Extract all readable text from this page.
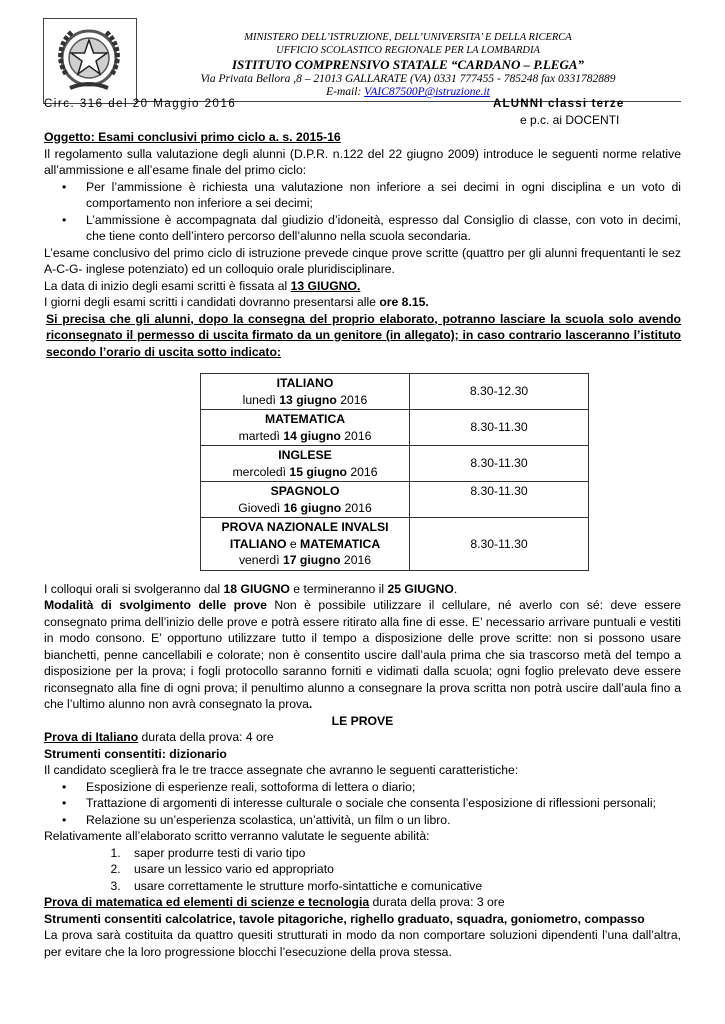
MINISTERO DELL’ISTRUZIONE, DELL’UNIVERSITA’ E DELLA RICERCA
UFFICIO SCOLASTICO REGIONALE PER LA LOMBARDIA
ISTITUTO COMPRENSIVO STATALE “CARDANO – P.LEGA”
Via Privata Bellora ,8 – 21013 GALLARATE (VA) 0331 777455 - 785248 fax 0331782889
E-mail: VAIC87500P@istruzione.it
Circ. 316 del 20 Maggio 2016	ALUNNI classi terze
e p.c. ai DOCENTI

Oggetto: Esami conclusivi primo ciclo a. s. 2015-16

Il regolamento sulla valutazione degli alunni (D.P.R. n.122 del 22 giugno 2009) introduce le seguenti norme relative all’ammissione e all’esame finale del primo ciclo:

• Per l’ammissione è richiesta una valutazione non inferiore a sei decimi in ogni disciplina e un voto di comportamento non inferiore a sei decimi;
• L’ammissione è accompagnata dal giudizio d’idoneità, espresso dal Consiglio di classe, con voto in decimi, che tiene conto dell’intero percorso dell’alunno nella scuola secondaria.

L’esame conclusivo del primo ciclo di istruzione prevede cinque prove scritte (quattro per gli alunni frequentanti le sez A-C-G- inglese potenziato) ed un colloquio orale pluridisciplinare.

La data di inizio degli esami scritti è fissata al 13 GIUGNO.

I giorni degli esami scritti i candidati dovranno presentarsi alle ore 8.15.

Si precisa che gli alunni, dopo la consegna del proprio elaborato, potranno lasciare la scuola solo avendo riconsegnato il permesso di uscita firmato da un genitore (in allegato); in caso contrario lasceranno l’istituto secondo l’orario di uscita sotto indicato:

ITALIANO
lunedì 13 giugno 2016	8.30-12.30

MATEMATICA
martedì 14 giugno 2016	8.30-11.30

INGLESE
mercoledì 15 giugno 2016	8.30-11.30

SPAGNOLO
Giovedì 16 giugno 2016	8.30-11.30

PROVA NAZIONALE INVALSI
ITALIANO e MATEMATICA
venerdì 17 giugno 2016	8.30-11.30

I colloqui orali si svolgeranno dal 18 GIUGNO e termineranno il 25 GIUGNO.

Modalità di svolgimento delle prove Non è possibile utilizzare il cellulare, né averlo con sé: deve essere consegnato prima dell’inizio delle prove e potrà essere ritirato alla fine di esse. E’ necessario arrivare puntuali e vestiti in modo consono. E’ opportuno utilizzare tutto il tempo a disposizione delle prove scritte: non si possono usare bianchetti, penne cancellabili e colorate; non è consentito uscire dall’aula prima che sia trascorso metà del tempo a disposizione per la prova; i fogli protocollo saranno forniti e vidimati dalla scuola; ogni foglio prelevato deve essere riconsegnato alla fine di ogni prova; il penultimo alunno a consegnare la prova scritta non potrà uscire dall’aula fino a che l’ultimo alunno non avrà consegnato la prova.

LE PROVE

Prova di Italiano durata della prova: 4 ore

Strumenti consentiti: dizionario

Il candidato sceglierà fra le tre tracce assegnate che avranno le seguenti caratteristiche:

• Esposizione di esperienze reali, sottoforma di lettera o diario;
• Trattazione di argomenti di interesse culturale o sociale che consenta l’esposizione di riflessioni personali;
• Relazione su un’esperienza scolastica, un’attività, un film o un libro.

Relativamente all’elaborato scritto verranno valutate le seguente abilità:

1. saper produrre testi di vario tipo
2. usare un lessico vario ed appropriato
3. usare correttamente le strutture morfo-sintattiche e comunicative

Prova di matematica ed elementi di scienze e tecnologia durata della prova: 3 ore

Strumenti consentiti calcolatrice, tavole pitagoriche, righello graduato, squadra, goniometro, compasso

La prova sarà costituita da quattro quesiti strutturati in modo da non comportare soluzioni dipendenti l’una dall’altra, per evitare che la loro progressione blocchi l’esecuzione della prova stessa.
